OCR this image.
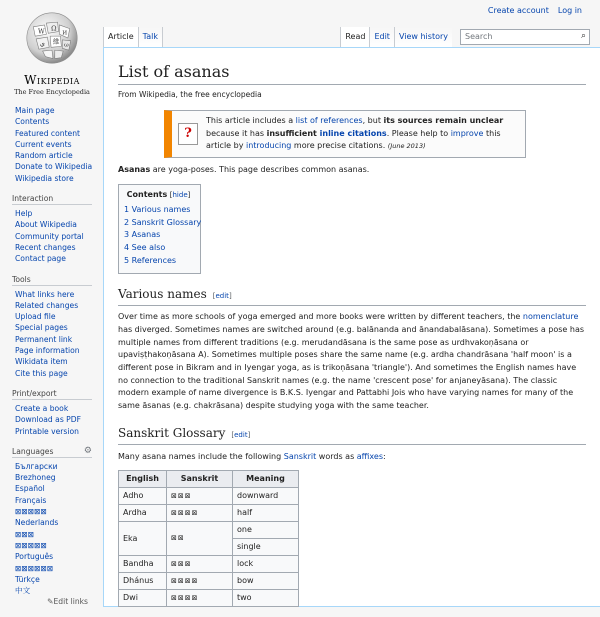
Create account Log in
W Ω
И
ي 維 ω
Wikipedia
The Free Encyclopedia
Main page
Contents
Featured content
Current events
Random article
Donate to Wikipedia
Wikipedia store
Interaction
Help
About Wikipedia
Community portal
Recent changes
Contact page
Tools
What links here
Related changes
Upload file
Special pages
Permanent link
Page information
Wikidata item
Cite this page
Print/export
Create a book
Download as PDF
Printable version
Languages	⚙
Български
Brezhoneg
Español
Français
⊠⊠⊠⊠⊠
Nederlands
⊠⊠⊠
⊠⊠⊠⊠⊠
Português
⊠⊠⊠⊠⊠⊠
Türkçe
中文
✎Edit links
Article	Talk	Read	Edit	View history	Search	⌕
List of asanas
From Wikipedia, the free encyclopedia
?
This article includes a list of references, but its sources remain unclear because it has insufficient inline citations. Please help to improve this article by introducing more precise citations. (June 2013)

Asanas are yoga-poses. This page describes common asanas.

Contents [hide]
1 Various names
2 Sanskrit Glossary
3 Asanas
4 See also
5 References
Various names [edit]

Over time as more schools of yoga emerged and more books were written by different teachers, the nomenclature has diverged. Sometimes names are switched around (e.g. balānanda and ānandabalāsana). Sometimes a pose has multiple names from different traditions (e.g. merudandāsana is the same pose as urdhvakoṇāsana or upaviṣṭhakoṇāsana A). Sometimes multiple poses share the same name (e.g. ardha chandrāsana 'half moon' is a different pose in Bikram and in Iyengar yoga, as is trikoṇāsana 'triangle'). And sometimes the English names have no connection to the traditional Sanskrit names (e.g. the name 'crescent pose' for anjaneyāsana). The classic modern example of name divergence is B.K.S. Iyengar and Pattabhi Jois who have varying names for many of the same āsanas (e.g. chakrāsana) despite studying yoga with the same teacher.

Sanskrit Glossary [edit]

Many asana names include the following Sanskrit words as affixes:

English	Sanskrit	Meaning
Adho	⊠⊠⊠	downward
Ardha	⊠⊠⊠⊠	half
Eka	⊠⊠	one
		single
Bandha	⊠⊠⊠	lock
Dhánus	⊠⊠⊠⊠	bow
Dwi	⊠⊠⊠⊠	two
